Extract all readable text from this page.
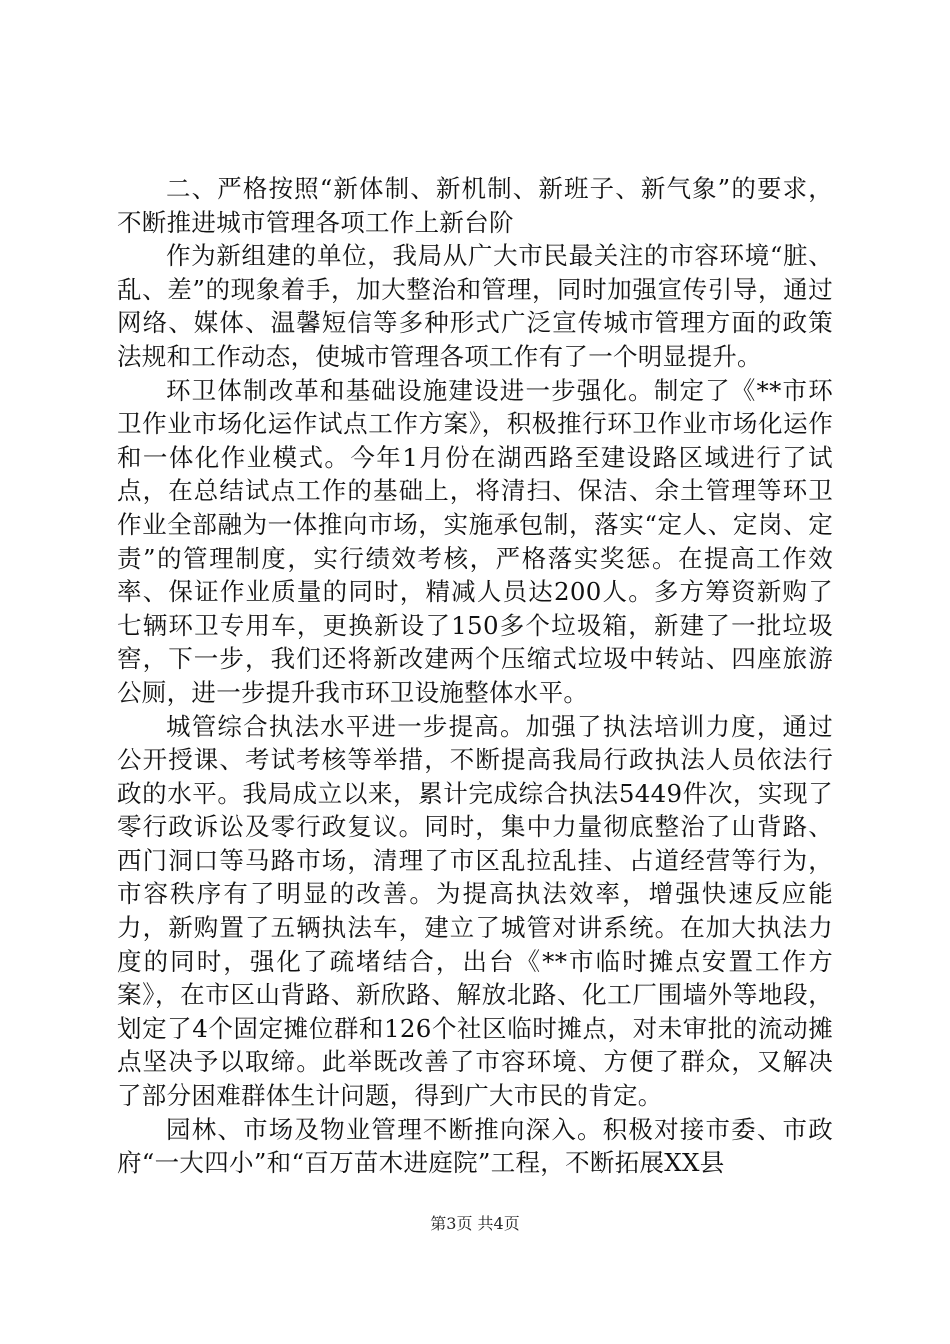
二、严格按照“新体制、新机制、新班子、新气象”的要求，不断推进城市管理各项工作上新台阶

作为新组建的单位，我局从广大市民最关注的市容环境“脏、乱、差”的现象着手，加大整治和管理，同时加强宣传引导，通过网络、媒体、温馨短信等多种形式广泛宣传城市管理方面的政策法规和工作动态，使城市管理各项工作有了一个明显提升。

环卫体制改革和基础设施建设进一步强化。制定了《**市环卫作业市场化运作试点工作方案》，积极推行环卫作业市场化运作和一体化作业模式。今年1月份在湖西路至建设路区域进行了试点，在总结试点工作的基础上，将清扫、保洁、余土管理等环卫作业全部融为一体推向市场，实施承包制，落实“定人、定岗、定责”的管理制度，实行绩效考核，严格落实奖惩。在提高工作效率、保证作业质量的同时，精减人员达200人。多方筹资新购了七辆环卫专用车，更换新设了150多个垃圾箱，新建了一批垃圾窖，下一步，我们还将新改建两个压缩式垃圾中转站、四座旅游公厕，进一步提升我市环卫设施整体水平。

城管综合执法水平进一步提高。加强了执法培训力度，通过公开授课、考试考核等举措，不断提高我局行政执法人员依法行政的水平。我局成立以来，累计完成综合执法5449件次，实现了零行政诉讼及零行政复议。同时，集中力量彻底整治了山背路、西门洞口等马路市场，清理了市区乱拉乱挂、占道经营等行为，市容秩序有了明显的改善。为提高执法效率，增强快速反应能力，新购置了五辆执法车，建立了城管对讲系统。在加大执法力度的同时，强化了疏堵结合，出台《**市临时摊点安置工作方案》，在市区山背路、新欣路、解放北路、化工厂围墙外等地段，划定了4个固定摊位群和126个社区临时摊点，对未审批的流动摊点坚决予以取缔。此举既改善了市容环境、方便了群众，又解决了部分困难群体生计问题，得到广大市民的肯定。

园林、市场及物业管理不断推向深入。积极对接市委、市政府“一大四小”和“百万苗木进庭院”工程，不断拓展XX县

第3页 共4页
